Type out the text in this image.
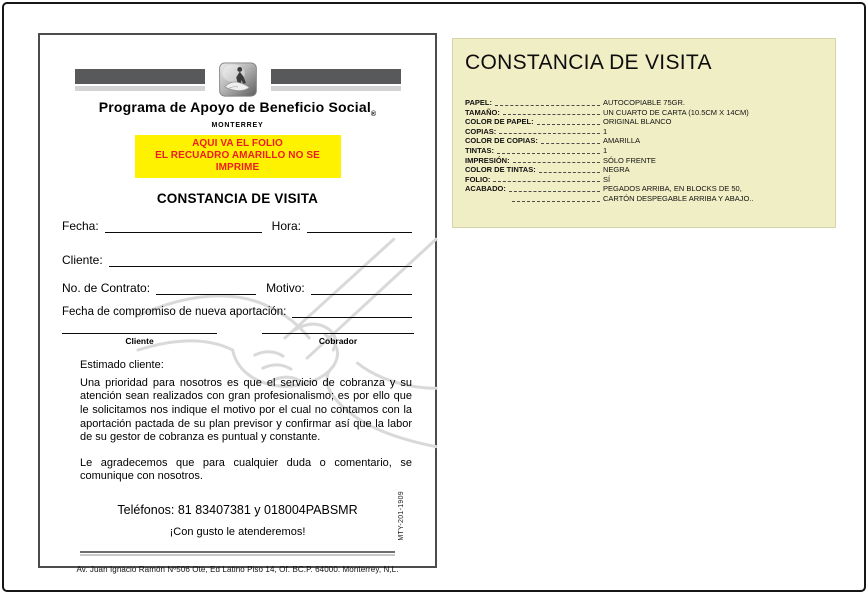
Programa de Apoyo de Beneficio Social$_®$
MONTERREY
AQUI VA EL FOLIO
EL RECUADRO AMARILLO NO SE IMPRIME
CONSTANCIA DE VISITA
Fecha:	Hora:
Cliente:
No. de Contrato:	Motivo:
Fecha de compromiso de nueva aportación:
Cliente	Cobrador
Estimado cliente:
Una prioridad para nosotros es que el servicio de cobranza y su atención sean realizados con gran profesionalismo; es por ello que le solicitamos nos indique el motivo por el cual no contamos con la aportación pactada de su plan previsor y confirmar así que la labor de su gestor de cobranza es puntual y constante.
Le agradecemos que para cualquier duda o comentario, se comunique con nosotros.
Teléfonos: 81 83407381 y 018004PABSMR
¡Con gusto le atenderemos!
Av. Juan Ignacio Ramón Nº506 Ote, Ed Latino Piso 14, Of. BC.P. 64000. Monterrey, N,L.
MTY-201-1909
CONSTANCIA DE VISITA
PAPEL:	AUTOCOPIABLE 75GR.
TAMAÑO:	UN CUARTO DE CARTA (10.5CM X 14CM)
COLOR DE PAPEL:	ORIGINAL BLANCO
COPIAS:	1
COLOR DE COPIAS:	AMARILLA
TINTAS:	1
IMPRESIÓN:	SÓLO FRENTE
COLOR DE TINTAS:	NEGRA
FOLIO:	SÍ
ACABADO:	PEGADOS ARRIBA, EN BLOCKS DE 50,
CARTÓN DESPEGABLE ARRIBA Y ABAJO..
